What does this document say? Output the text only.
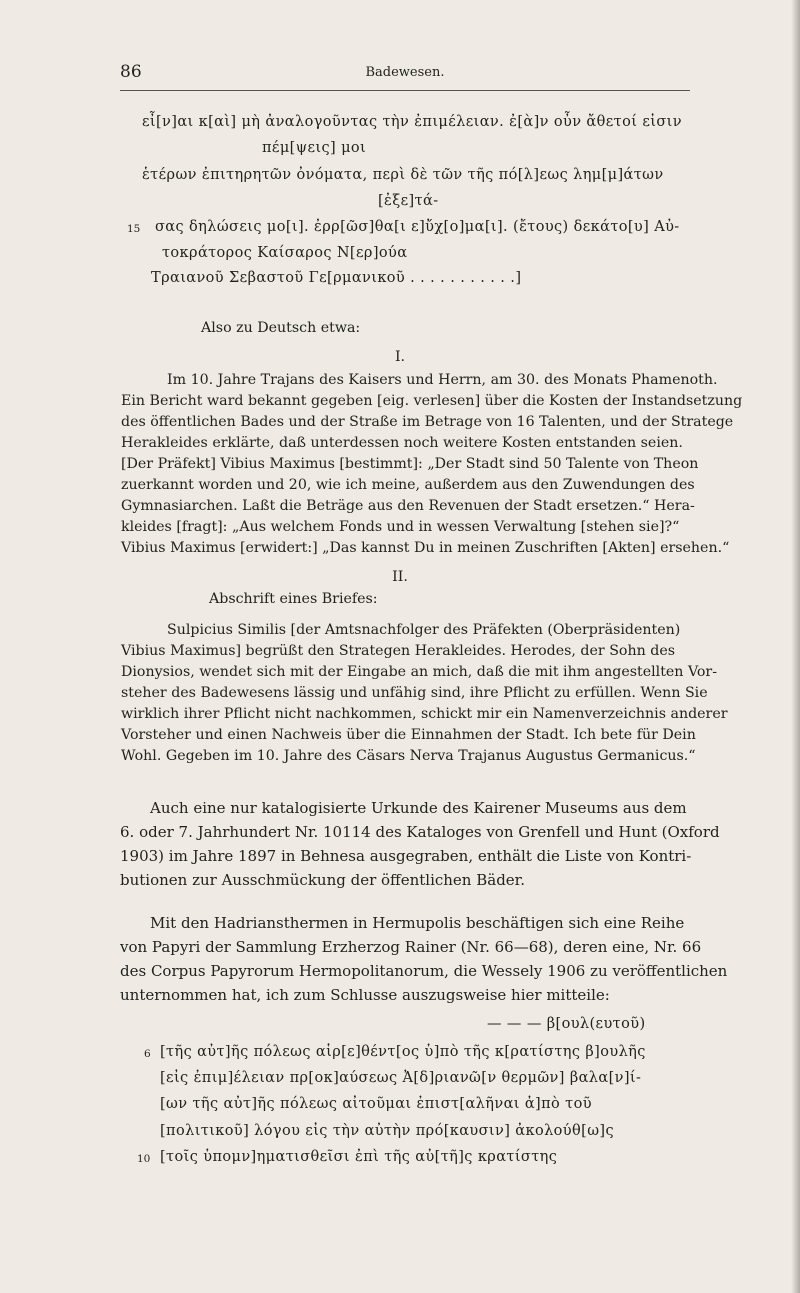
86	Badewesen.
εἶ[ν]αι κ[αὶ] μὴ ἀναλογοῦντας τὴν ἐπιμέλειαν. ἐ[ὰ]ν οὖν ἄθετοί εἰσιν
πέμ[ψεις] μοι
ἑτέρων ἐπιτηρητῶν ὀνόματα, περὶ δὲ τῶν τῆς πό[λ]εως λημ[μ]άτων
[ἐξε]τά-
15 σας δηλώσεις μο[ι]. ἐρρ[ῶσ]θα[ι ε]ὔχ[ο]μα[ι]. (ἔτους) δεκάτο[υ] Αὐ-
τοκράτορος Καίσαρος Ν[ερ]ούα
Τραιανοῦ Σεβαστοῦ Γε[ρμανικοῦ . . . . . . . . . . .]
Also zu Deutsch etwa:
I.
Im 10. Jahre Trajans des Kaisers und Herrn, am 30. des Monats Phamenoth.
Ein Bericht ward bekannt gegeben [eig. verlesen] über die Kosten der Instandsetzung
des öffentlichen Bades und der Straße im Betrage von 16 Talenten, und der Stratege
Herakleides erklärte, daß unterdessen noch weitere Kosten entstanden seien.
[Der Präfekt] Vibius Maximus [bestimmt]: „Der Stadt sind 50 Talente von Theon
zuerkannt worden und 20, wie ich meine, außerdem aus den Zuwendungen des
Gymnasiarchen. Laßt die Beträge aus den Revenuen der Stadt ersetzen.“ Hera-
kleides [fragt]: „Aus welchem Fonds und in wessen Verwaltung [stehen sie]?“
Vibius Maximus [erwidert:] „Das kannst Du in meinen Zuschriften [Akten] ersehen.“
II.
Abschrift eines Briefes:
Sulpicius Similis [der Amtsnachfolger des Präfekten (Oberpräsidenten)
Vibius Maximus] begrüßt den Strategen Herakleides. Herodes, der Sohn des
Dionysios, wendet sich mit der Eingabe an mich, daß die mit ihm angestellten Vor-
steher des Badewesens lässig und unfähig sind, ihre Pflicht zu erfüllen. Wenn Sie
wirklich ihrer Pflicht nicht nachkommen, schickt mir ein Namenverzeichnis anderer
Vorsteher und einen Nachweis über die Einnahmen der Stadt. Ich bete für Dein
Wohl. Gegeben im 10. Jahre des Cäsars Nerva Trajanus Augustus Germanicus.“
Auch eine nur katalogisierte Urkunde des Kairener Museums aus dem
6. oder 7. Jahrhundert Nr. 10114 des Kataloges von Grenfell und Hunt (Oxford
1903) im Jahre 1897 in Behnesa ausgegraben, enthält die Liste von Kontri-
butionen zur Ausschmückung der öffentlichen Bäder.
Mit den Hadriansthermen in Hermupolis beschäftigen sich eine Reihe
von Papyri der Sammlung Erzherzog Rainer (Nr. 66—68), deren eine, Nr. 66
des Corpus Papyrorum Hermopolitanorum, die Wessely 1906 zu veröffentlichen
unternommen hat, ich zum Schlusse auszugsweise hier mitteile:
— — — β[ουλ(ευτοῦ)
6 [τῆς αὐτ]ῆς πόλεως αἱρ[ε]θέντ[ος ὑ]πὸ τῆς κ[ρατίστης β]ουλῆς
[εἰς ἐπιμ]έλειαν πρ[οκ]αύσεως Ἀ[δ]ριανῶ[ν θερμῶν] βαλα[ν]ί-
[ων τῆς αὐτ]ῆς πόλεως αἰτοῦμαι ἐπιστ[αλῆναι ἀ]πὸ τοῦ
[πολιτικοῦ] λόγου εἰς τὴν αὐτὴν πρό[καυσιν] ἀκολούθ[ω]ς
10 [τοῖς ὑπομν]ηματισθεῖσι ἐπὶ τῆς αὐ[τῆ]ς κρατίστης
